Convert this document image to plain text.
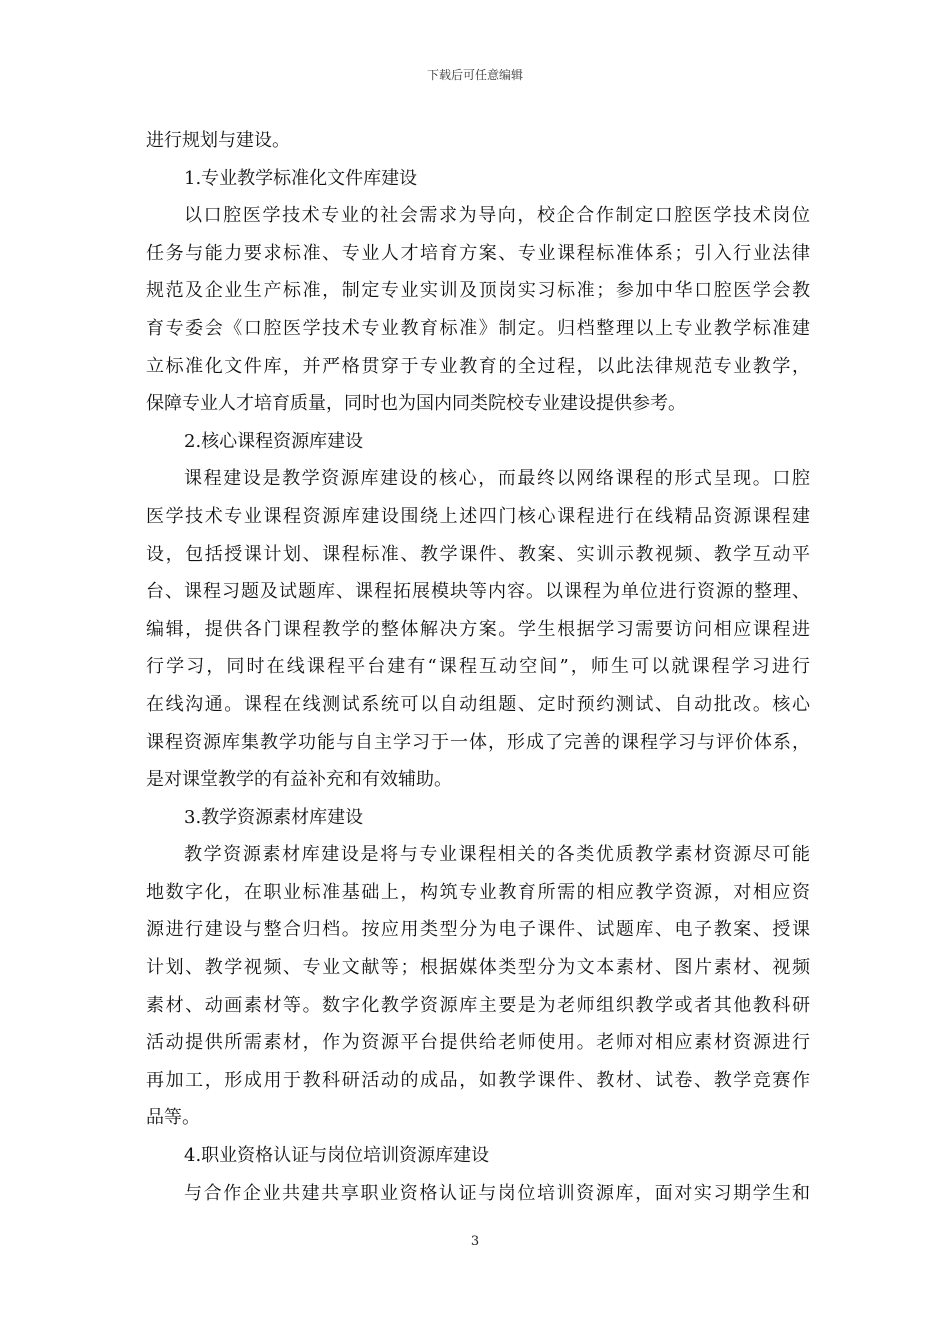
下载后可任意编辑
进行规划与建设。
1.专业教学标准化文件库建设
以口腔医学技术专业的社会需求为导向，校企合作制定口腔医学技术岗位
任务与能力要求标准、专业人才培育方案、专业课程标准体系；引入行业法律
规范及企业生产标准，制定专业实训及顶岗实习标准；参加中华口腔医学会教
育专委会《口腔医学技术专业教育标准》制定。归档整理以上专业教学标准建
立标准化文件库，并严格贯穿于专业教育的全过程，以此法律规范专业教学，
保障专业人才培育质量，同时也为国内同类院校专业建设提供参考。
2.核心课程资源库建设
课程建设是教学资源库建设的核心，而最终以网络课程的形式呈现。口腔
医学技术专业课程资源库建设围绕上述四门核心课程进行在线精品资源课程建
设，包括授课计划、课程标准、教学课件、教案、实训示教视频、教学互动平
台、课程习题及试题库、课程拓展模块等内容。以课程为单位进行资源的整理、
编辑，提供各门课程教学的整体解决方案。学生根据学习需要访问相应课程进
行学习，同时在线课程平台建有“课程互动空间”，师生可以就课程学习进行
在线沟通。课程在线测试系统可以自动组题、定时预约测试、自动批改。核心
课程资源库集教学功能与自主学习于一体，形成了完善的课程学习与评价体系，
是对课堂教学的有益补充和有效辅助。
3.教学资源素材库建设
教学资源素材库建设是将与专业课程相关的各类优质教学素材资源尽可能
地数字化，在职业标准基础上，构筑专业教育所需的相应教学资源，对相应资
源进行建设与整合归档。按应用类型分为电子课件、试题库、电子教案、授课
计划、教学视频、专业文献等；根据媒体类型分为文本素材、图片素材、视频
素材、动画素材等。数字化教学资源库主要是为老师组织教学或者其他教科研
活动提供所需素材，作为资源平台提供给老师使用。老师对相应素材资源进行
再加工，形成用于教科研活动的成品，如教学课件、教材、试卷、教学竞赛作
品等。
4.职业资格认证与岗位培训资源库建设
与合作企业共建共享职业资格认证与岗位培训资源库，面对实习期学生和
3
